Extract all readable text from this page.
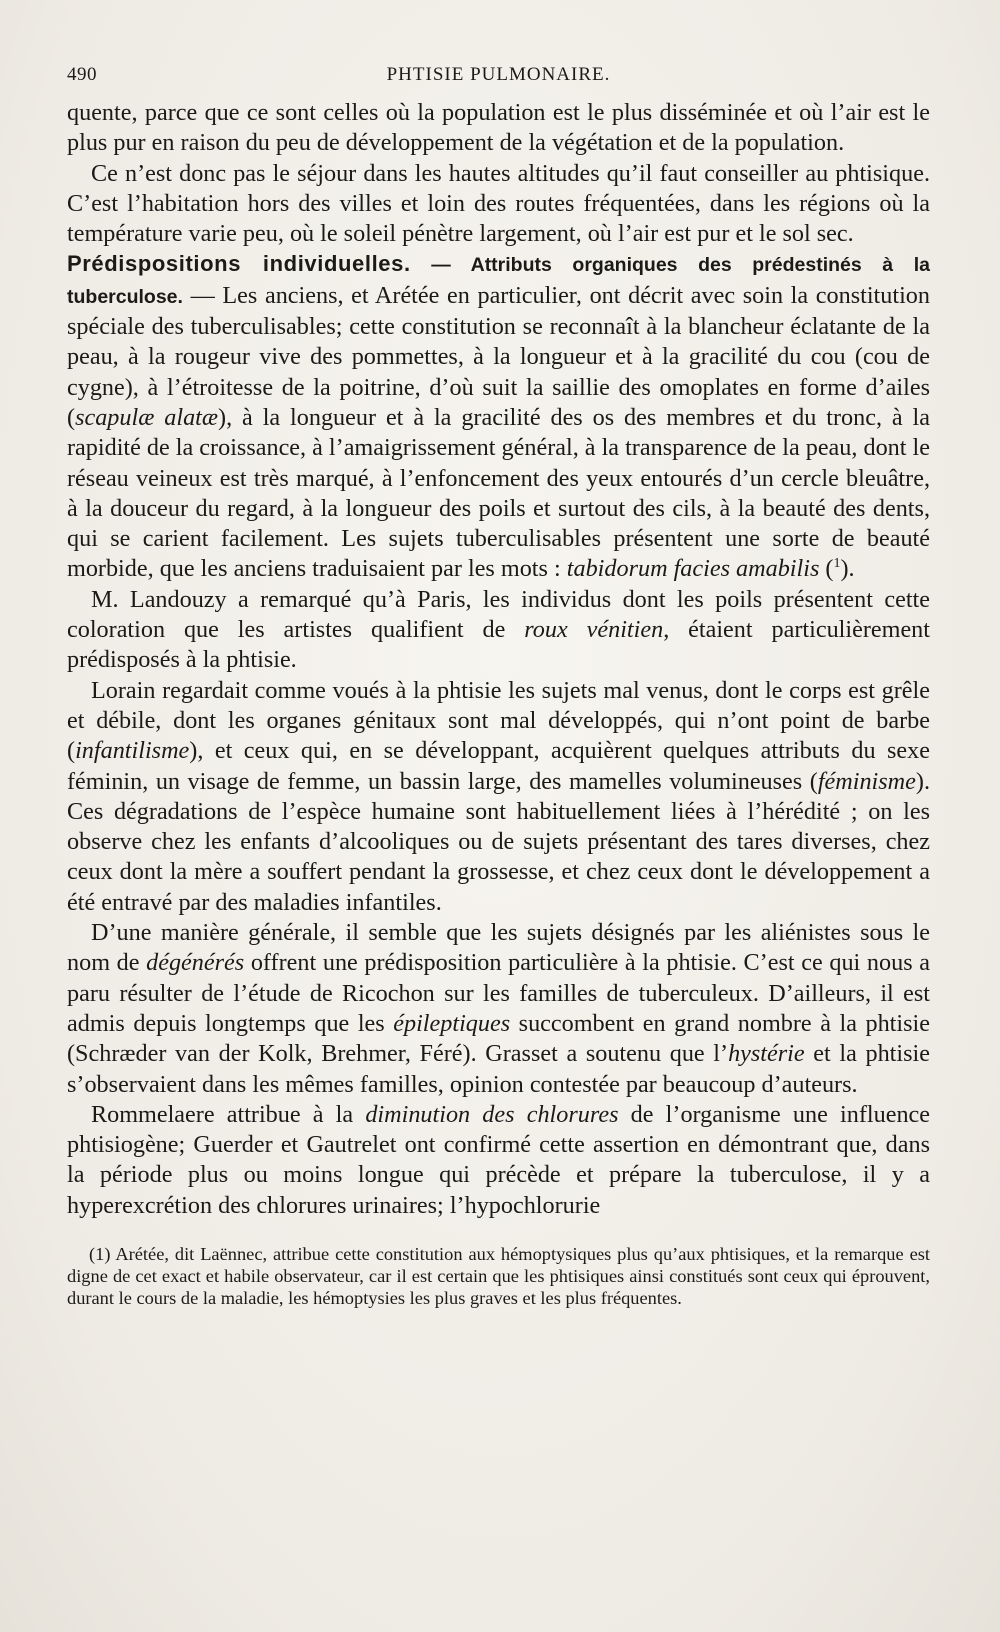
490	PHTISIE PULMONAIRE.

quente, parce que ce sont celles où la population est le plus disséminée et où l’air est le plus pur en raison du peu de développement de la végétation et de la population.

Ce n’est donc pas le séjour dans les hautes altitudes qu’il faut conseiller au phtisique. C’est l’habitation hors des villes et loin des routes fréquentées, dans les régions où la température varie peu, où le soleil pénètre largement, où l’air est pur et le sol sec.

Prédispositions individuelles. — Attributs organiques des prédestinés à la tuberculose. — Les anciens, et Arétée en particulier, ont décrit avec soin la constitution spéciale des tuberculisables; cette constitution se reconnaît à la blancheur éclatante de la peau, à la rougeur vive des pommettes, à la longueur et à la gracilité du cou (cou de cygne), à l’étroitesse de la poitrine, d’où suit la saillie des omoplates en forme d’ailes (scapulæ alatæ), à la longueur et à la gracilité des os des membres et du tronc, à la rapidité de la croissance, à l’amaigrissement général, à la transparence de la peau, dont le réseau veineux est très marqué, à l’enfoncement des yeux entourés d’un cercle bleuâtre, à la douceur du regard, à la longueur des poils et surtout des cils, à la beauté des dents, qui se carient facilement. Les sujets tuberculisables présentent une sorte de beauté morbide, que les anciens traduisaient par les mots : tabidorum facies amabilis ($^1$).

M. Landouzy a remarqué qu’à Paris, les individus dont les poils présentent cette coloration que les artistes qualifient de roux vénitien, étaient particulièrement prédisposés à la phtisie.

Lorain regardait comme voués à la phtisie les sujets mal venus, dont le corps est grêle et débile, dont les organes génitaux sont mal développés, qui n’ont point de barbe (infantilisme), et ceux qui, en se développant, acquièrent quelques attributs du sexe féminin, un visage de femme, un bassin large, des mamelles volumineuses (féminisme). Ces dégradations de l’espèce humaine sont habituellement liées à l’hérédité ; on les observe chez les enfants d’alcooliques ou de sujets présentant des tares diverses, chez ceux dont la mère a souffert pendant la grossesse, et chez ceux dont le développement a été entravé par des maladies infantiles.

D’une manière générale, il semble que les sujets désignés par les aliénistes sous le nom de dégénérés offrent une prédisposition particulière à la phtisie. C’est ce qui nous a paru résulter de l’étude de Ricochon sur les familles de tuberculeux. D’ailleurs, il est admis depuis longtemps que les épileptiques succombent en grand nombre à la phtisie (Schræder van der Kolk, Brehmer, Féré). Grasset a soutenu que l’hystérie et la phtisie s’observaient dans les mêmes familles, opinion contestée par beaucoup d’auteurs.

Rommelaere attribue à la diminution des chlorures de l’organisme une influence phtisiogène; Guerder et Gautrelet ont confirmé cette assertion en démontrant que, dans la période plus ou moins longue qui précède et prépare la tuberculose, il y a hyperexcrétion des chlorures urinaires; l’hypochlorurie

(1) Arétée, dit Laënnec, attribue cette constitution aux hémoptysiques plus qu’aux phtisiques, et la remarque est digne de cet exact et habile observateur, car il est certain que les phtisiques ainsi constitués sont ceux qui éprouvent, durant le cours de la maladie, les hémoptysies les plus graves et les plus fréquentes.
